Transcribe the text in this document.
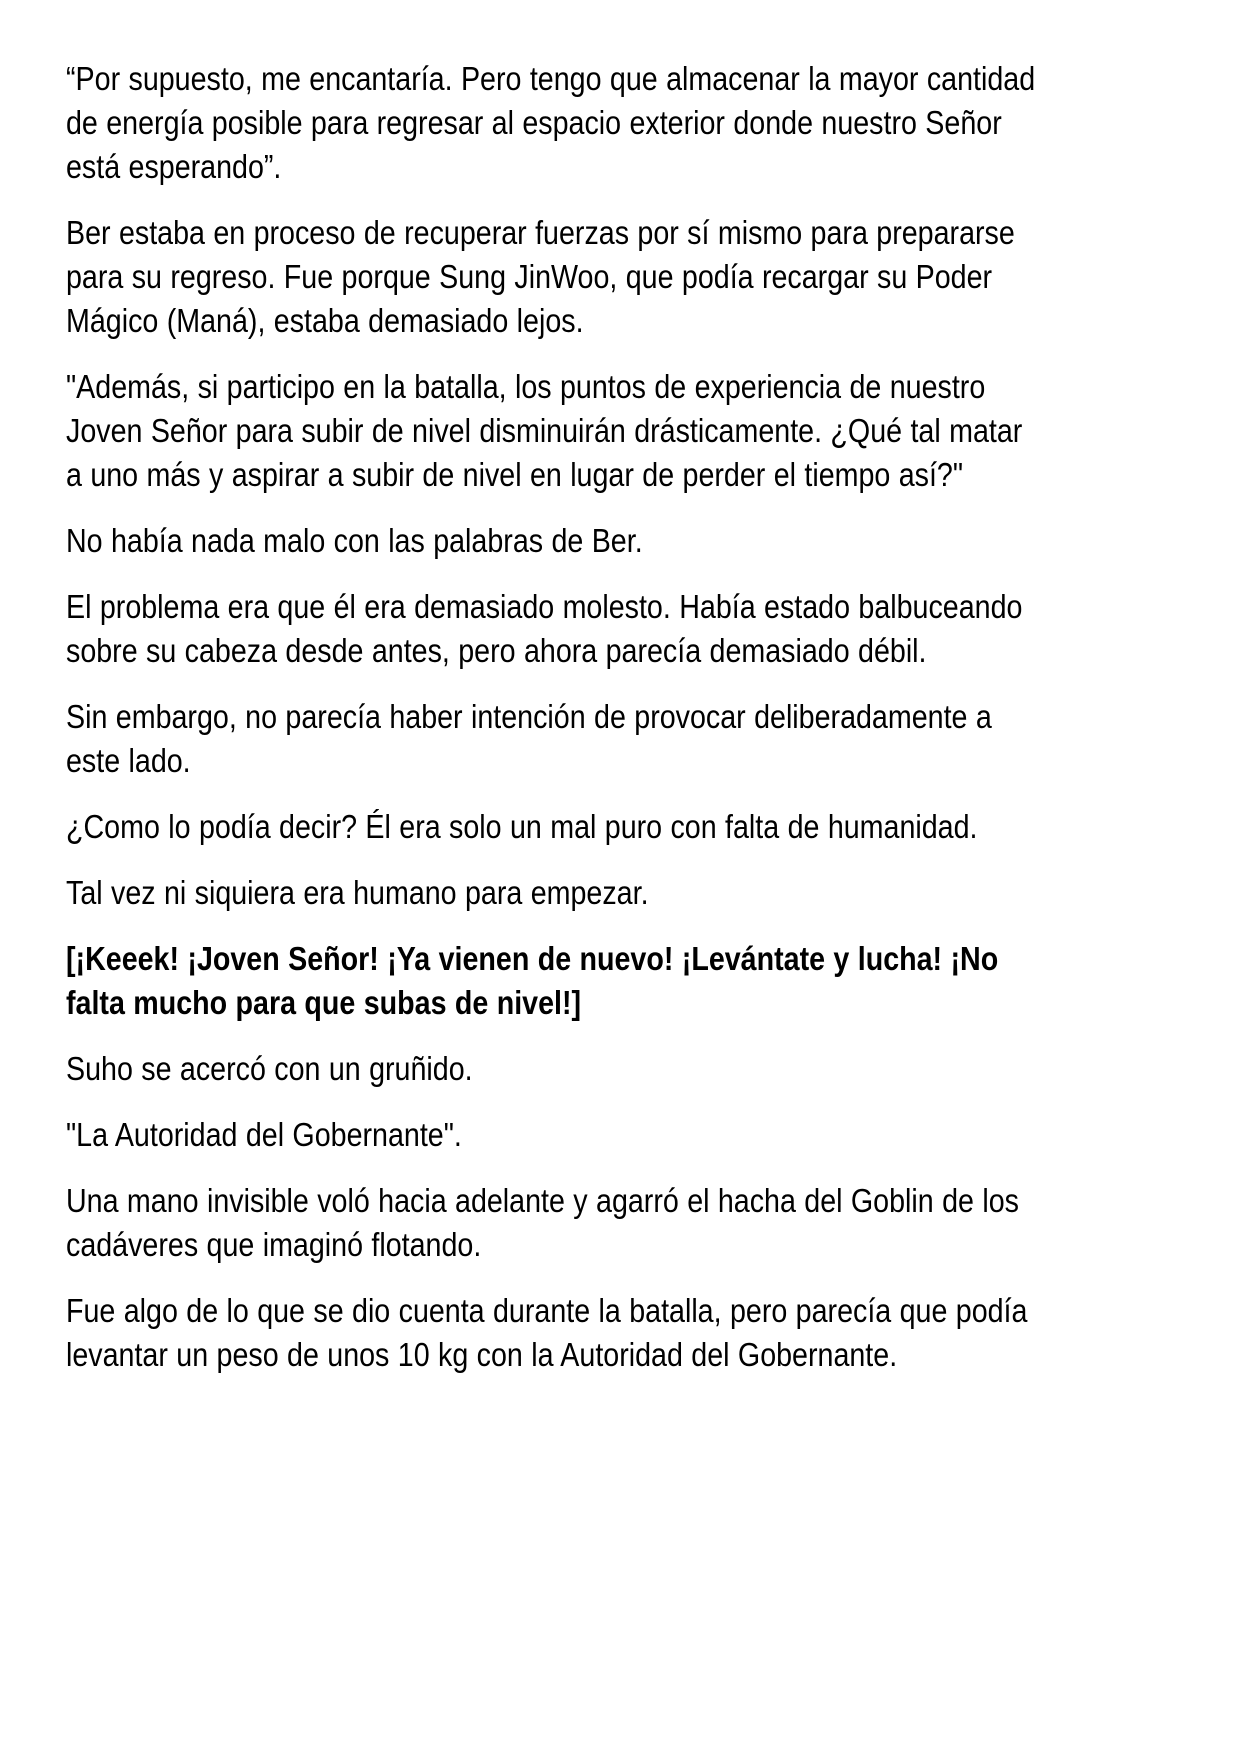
“Por supuesto, me encantaría. Pero tengo que almacenar la mayor cantidad de energía posible para regresar al espacio exterior donde nuestro Señor está esperando”.

Ber estaba en proceso de recuperar fuerzas por sí mismo para prepararse para su regreso. Fue porque Sung JinWoo, que podía recargar su Poder Mágico (Maná), estaba demasiado lejos.

"Además, si participo en la batalla, los puntos de experiencia de nuestro Joven Señor para subir de nivel disminuirán drásticamente. ¿Qué tal matar a uno más y aspirar a subir de nivel en lugar de perder el tiempo así?"

No había nada malo con las palabras de Ber.

El problema era que él era demasiado molesto. Había estado balbuceando sobre su cabeza desde antes, pero ahora parecía demasiado débil.

Sin embargo, no parecía haber intención de provocar deliberadamente a este lado.

¿Como lo podía decir? Él era solo un mal puro con falta de humanidad.

Tal vez ni siquiera era humano para empezar.

[¡Keeek! ¡Joven Señor! ¡Ya vienen de nuevo! ¡Levántate y lucha! ¡No falta mucho para que subas de nivel!]

Suho se acercó con un gruñido.

"La Autoridad del Gobernante".

Una mano invisible voló hacia adelante y agarró el hacha del Goblin de los cadáveres que imaginó flotando.

Fue algo de lo que se dio cuenta durante la batalla, pero parecía que podía levantar un peso de unos 10 kg con la Autoridad del Gobernante.
